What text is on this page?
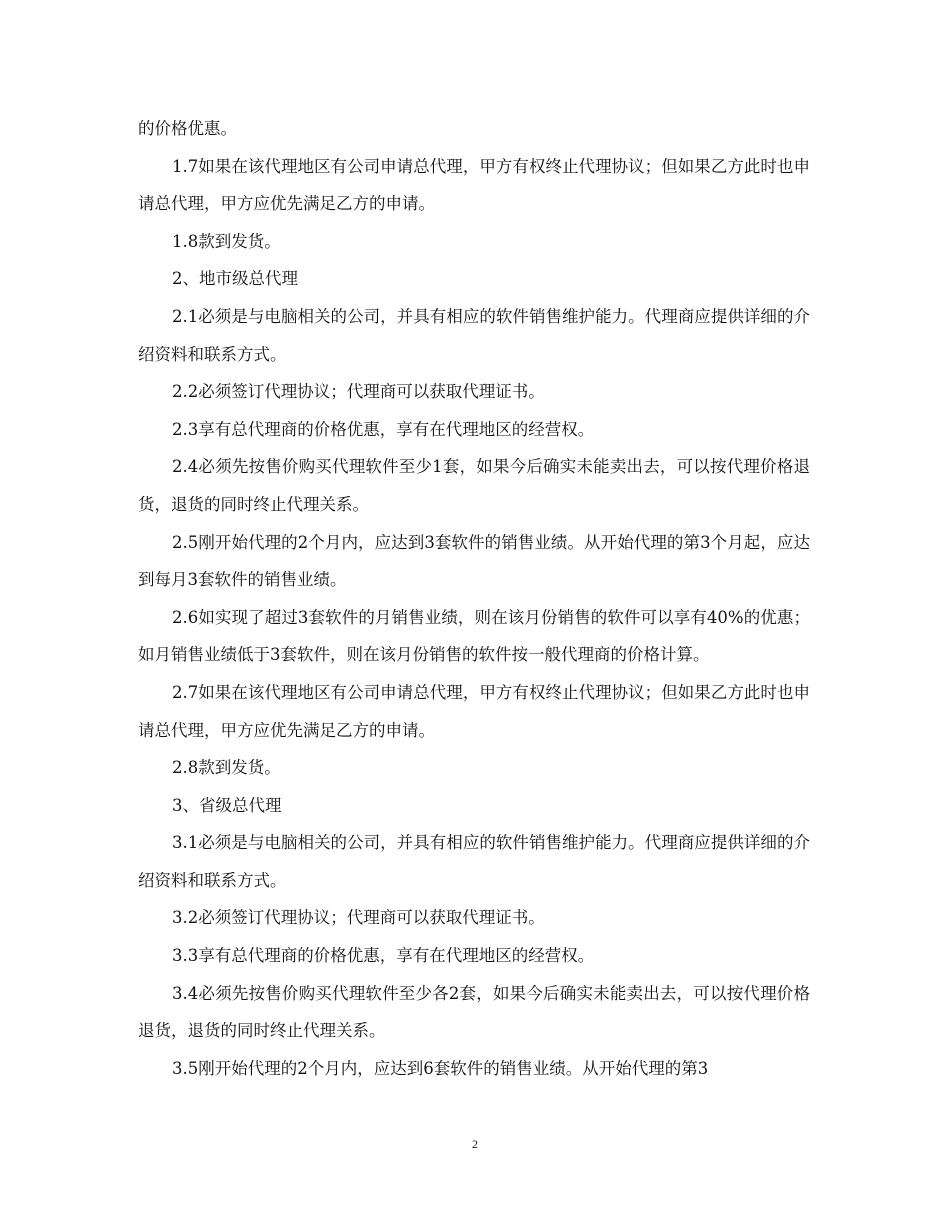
的价格优惠。

1.7如果在该代理地区有公司申请总代理，甲方有权终止代理协议；但如果乙方此时也申请总代理，甲方应优先满足乙方的申请。

1.8款到发货。

2、地市级总代理

2.1必须是与电脑相关的公司，并具有相应的软件销售维护能力。代理商应提供详细的介绍资料和联系方式。

2.2必须签订代理协议；代理商可以获取代理证书。

2.3享有总代理商的价格优惠，享有在代理地区的经营权。

2.4必须先按售价购买代理软件至少1套，如果今后确实未能卖出去，可以按代理价格退货，退货的同时终止代理关系。

2.5刚开始代理的2个月内，应达到3套软件的销售业绩。从开始代理的第3个月起，应达到每月3套软件的销售业绩。

2.6如实现了超过3套软件的月销售业绩，则在该月份销售的软件可以享有40%的优惠；如月销售业绩低于3套软件，则在该月份销售的软件按一般代理商的价格计算。

2.7如果在该代理地区有公司申请总代理，甲方有权终止代理协议；但如果乙方此时也申请总代理，甲方应优先满足乙方的申请。

2.8款到发货。

3、省级总代理

3.1必须是与电脑相关的公司，并具有相应的软件销售维护能力。代理商应提供详细的介绍资料和联系方式。

3.2必须签订代理协议；代理商可以获取代理证书。

3.3享有总代理商的价格优惠，享有在代理地区的经营权。

3.4必须先按售价购买代理软件至少各2套，如果今后确实未能卖出去，可以按代理价格退货，退货的同时终止代理关系。

3.5刚开始代理的2个月内，应达到6套软件的销售业绩。从开始代理的第3

2
